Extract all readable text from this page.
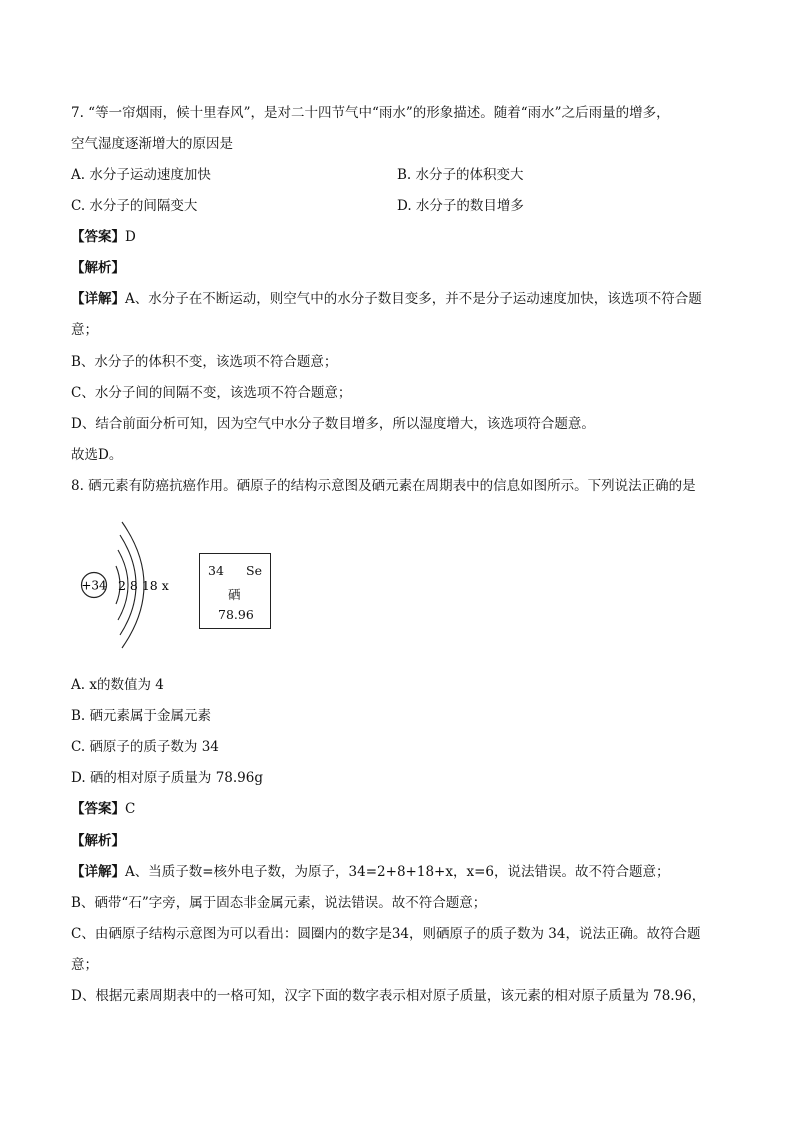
7. “等一帘烟雨，候十里春风”，是对二十四节气中“雨水”的形象描述。随着“雨水”之后雨量的增多，
空气湿度逐渐增大的原因是
A. 水分子运动速度加快	B. 水分子的体积变大
C. 水分子的间隔变大	D. 水分子的数目增多
【答案】D
【解析】
【详解】A、水分子在不断运动，则空气中的水分子数目变多，并不是分子运动速度加快，该选项不符合题
意；
B、水分子的体积不变，该选项不符合题意；
C、水分子间的间隔不变，该选项不符合题意；
D、结合前面分析可知，因为空气中水分子数目增多，所以湿度增大，该选项符合题意。
故选D。
8. 硒元素有防癌抗癌作用。硒原子的结构示意图及硒元素在周期表中的信息如图所示。下列说法正确的是
+34 2 8 18 x
34 Se
硒
78.96
A. x的数值为 4
B. 硒元素属于金属元素
C. 硒原子的质子数为 34
D. 硒的相对原子质量为 78.96g
【答案】C
【解析】
【详解】A、当质子数=核外电子数，为原子，34=2+8+18+x，x=6，说法错误。故不符合题意；
B、硒带“石”字旁，属于固态非金属元素，说法错误。故不符合题意；
C、由硒原子结构示意图为可以看出：圆圈内的数字是34，则硒原子的质子数为 34，说法正确。故符合题
意；
D、根据元素周期表中的一格可知，汉字下面的数字表示相对原子质量，该元素的相对原子质量为 78.96，
